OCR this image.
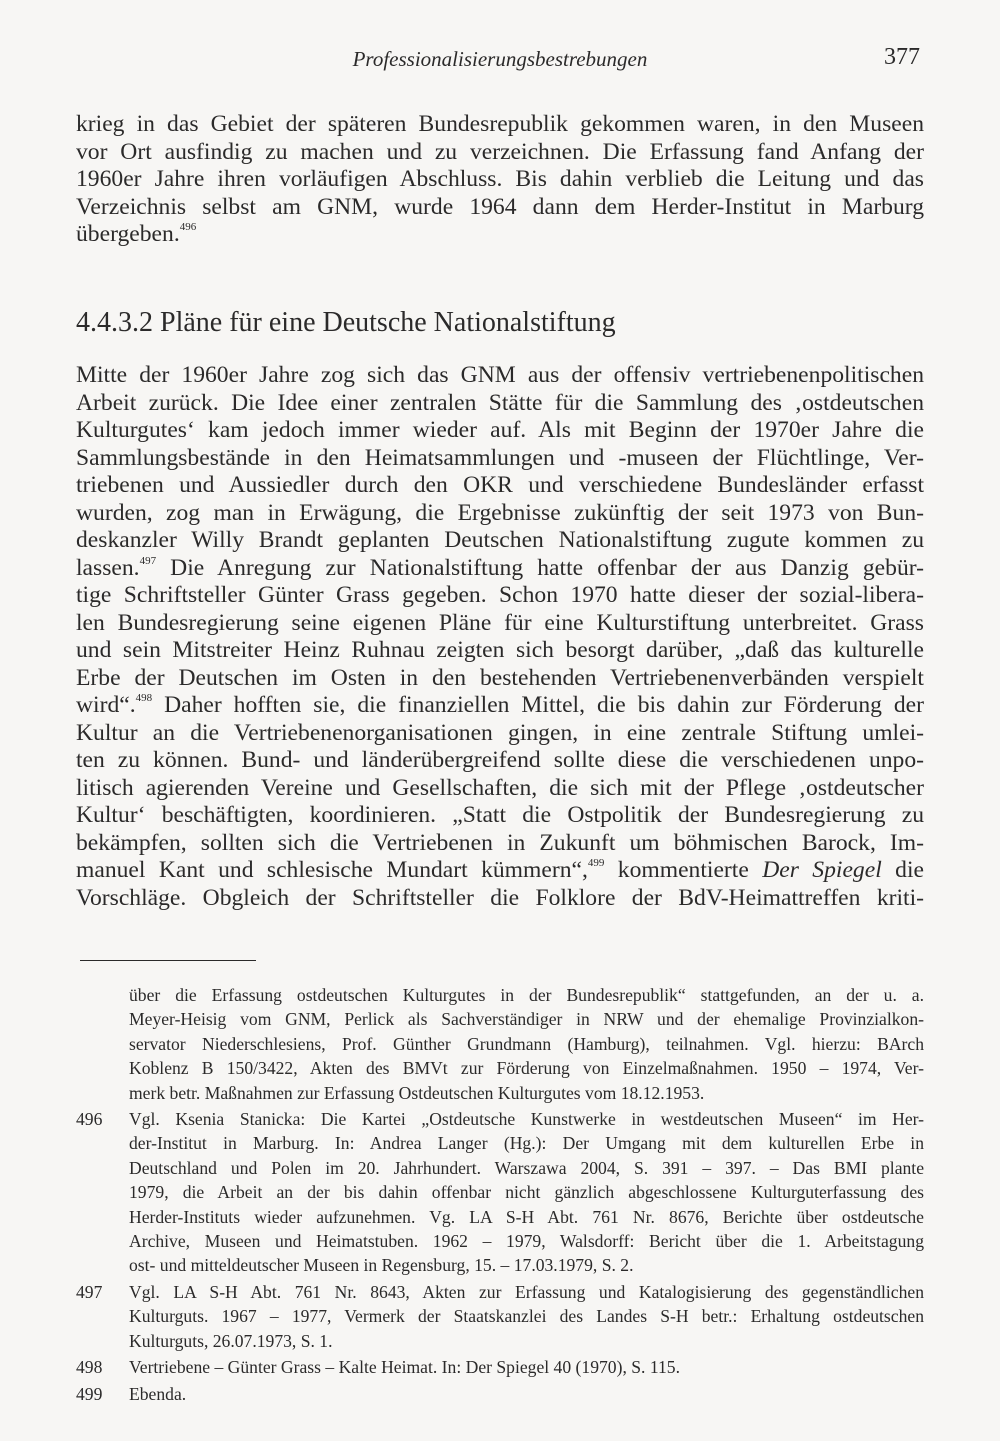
Professionalisierungsbestrebungen	377
krieg in das Gebiet der späteren Bundesrepublik gekommen waren, in den Museen
vor Ort ausfindig zu machen und zu verzeichnen. Die Erfassung fand Anfang der
1960er Jahre ihren vorläufigen Abschluss. Bis dahin verblieb die Leitung und das
Verzeichnis selbst am GNM, wurde 1964 dann dem Herder-Institut in Marburg
übergeben.$^{496}$
4.4.3.2 Pläne für eine Deutsche Nationalstiftung
Mitte der 1960er Jahre zog sich das GNM aus der offensiv vertriebenenpolitischen
Arbeit zurück. Die Idee einer zentralen Stätte für die Sammlung des ‚ostdeutschen
Kulturgutes‘ kam jedoch immer wieder auf. Als mit Beginn der 1970er Jahre die
Sammlungsbestände in den Heimatsammlungen und -museen der Flüchtlinge, Ver-
triebenen und Aussiedler durch den OKR und verschiedene Bundesländer erfasst
wurden, zog man in Erwägung, die Ergebnisse zukünftig der seit 1973 von Bun-
deskanzler Willy Brandt geplanten Deutschen Nationalstiftung zugute kommen zu
lassen.$^{497}$ Die Anregung zur Nationalstiftung hatte offenbar der aus Danzig gebür-
tige Schriftsteller Günter Grass gegeben. Schon 1970 hatte dieser der sozial-libera-
len Bundesregierung seine eigenen Pläne für eine Kulturstiftung unterbreitet. Grass
und sein Mitstreiter Heinz Ruhnau zeigten sich besorgt darüber, „daß das kulturelle
Erbe der Deutschen im Osten in den bestehenden Vertriebenenverbänden verspielt
wird“.$^{498}$ Daher hofften sie, die finanziellen Mittel, die bis dahin zur Förderung der
Kultur an die Vertriebenenorganisationen gingen, in eine zentrale Stiftung umlei-
ten zu können. Bund- und länderübergreifend sollte diese die verschiedenen unpo-
litisch agierenden Vereine und Gesellschaften, die sich mit der Pflege ‚ostdeutscher
Kultur‘ beschäftigten, koordinieren. „Statt die Ostpolitik der Bundesregierung zu
bekämpfen, sollten sich die Vertriebenen in Zukunft um böhmischen Barock, Im-
manuel Kant und schlesische Mundart kümmern“,$^{499}$ kommentierte Der Spiegel die
Vorschläge. Obgleich der Schriftsteller die Folklore der BdV-Heimattreffen kriti-
über die Erfassung ostdeutschen Kulturgutes in der Bundesrepublik“ stattgefunden, an der u. a.
Meyer-Heisig vom GNM, Perlick als Sachverständiger in NRW und der ehemalige Provinzialkon-
servator Niederschlesiens, Prof. Günther Grundmann (Hamburg), teilnahmen. Vgl. hierzu: BArch
Koblenz B 150/3422, Akten des BMVt zur Förderung von Einzelmaßnahmen. 1950 – 1974, Ver-
merk betr. Maßnahmen zur Erfassung Ostdeutschen Kulturgutes vom 18.12.1953.
496 Vgl. Ksenia Stanicka: Die Kartei „Ostdeutsche Kunstwerke in westdeutschen Museen“ im Her-
der-Institut in Marburg. In: Andrea Langer (Hg.): Der Umgang mit dem kulturellen Erbe in
Deutschland und Polen im 20. Jahrhundert. Warszawa 2004, S. 391 – 397. – Das BMI plante
1979, die Arbeit an der bis dahin offenbar nicht gänzlich abgeschlossene Kulturguterfassung des
Herder-Instituts wieder aufzunehmen. Vg. LA S-H Abt. 761 Nr. 8676, Berichte über ostdeutsche
Archive, Museen und Heimatstuben. 1962 – 1979, Walsdorff: Bericht über die 1. Arbeitstagung
ost- und mitteldeutscher Museen in Regensburg, 15. – 17.03.1979, S. 2.
497 Vgl. LA S-H Abt. 761 Nr. 8643, Akten zur Erfassung und Katalogisierung des gegenständlichen
Kulturguts. 1967 – 1977, Vermerk der Staatskanzlei des Landes S-H betr.: Erhaltung ostdeutschen
Kulturguts, 26.07.1973, S. 1.
498 Vertriebene – Günter Grass – Kalte Heimat. In: Der Spiegel 40 (1970), S. 115.
499 Ebenda.
